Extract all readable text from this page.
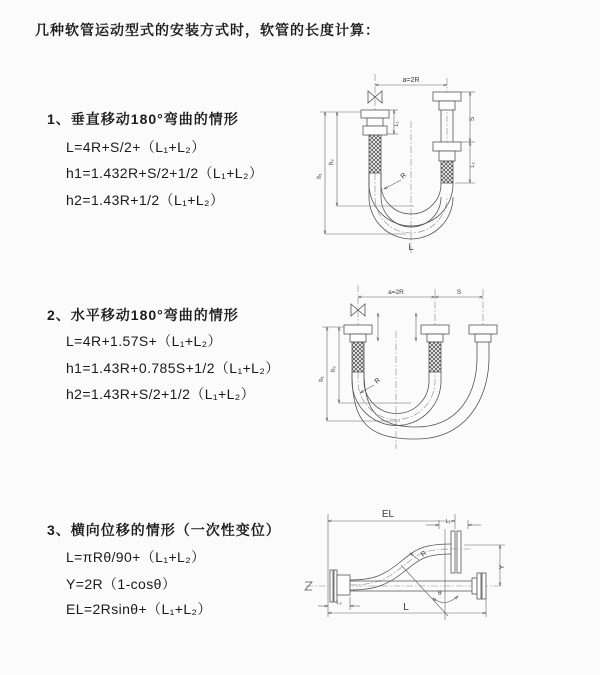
几种软管运动型式的安装方式时，软管的长度计算：
1、垂直移动180°弯曲的情形
L=4R+S/2+（L₁+L₂）
h1=1.432R+S/2+1/2（L₁+L₂）
h2=1.43R+1/2（L₁+L₂）
2、水平移动180°弯曲的情形
L=4R+1.57S+（L₁+L₂）
h1=1.43R+0.785S+1/2（L₁+L₂）
h2=1.43R+S/2+1/2（L₁+L₂）
3、横向位移的情形（一次性变位）
L=πRθ/90+（L₁+L₂）
Y=2R（1-cosθ）
EL=2Rsinθ+（L₁+L₂）
a=2R
R
L₁
S
L₂
h₁
h₂
L
a=2R	S
h₁
h₂
R
EL
L₁
θ
R
Y
L₂	L
